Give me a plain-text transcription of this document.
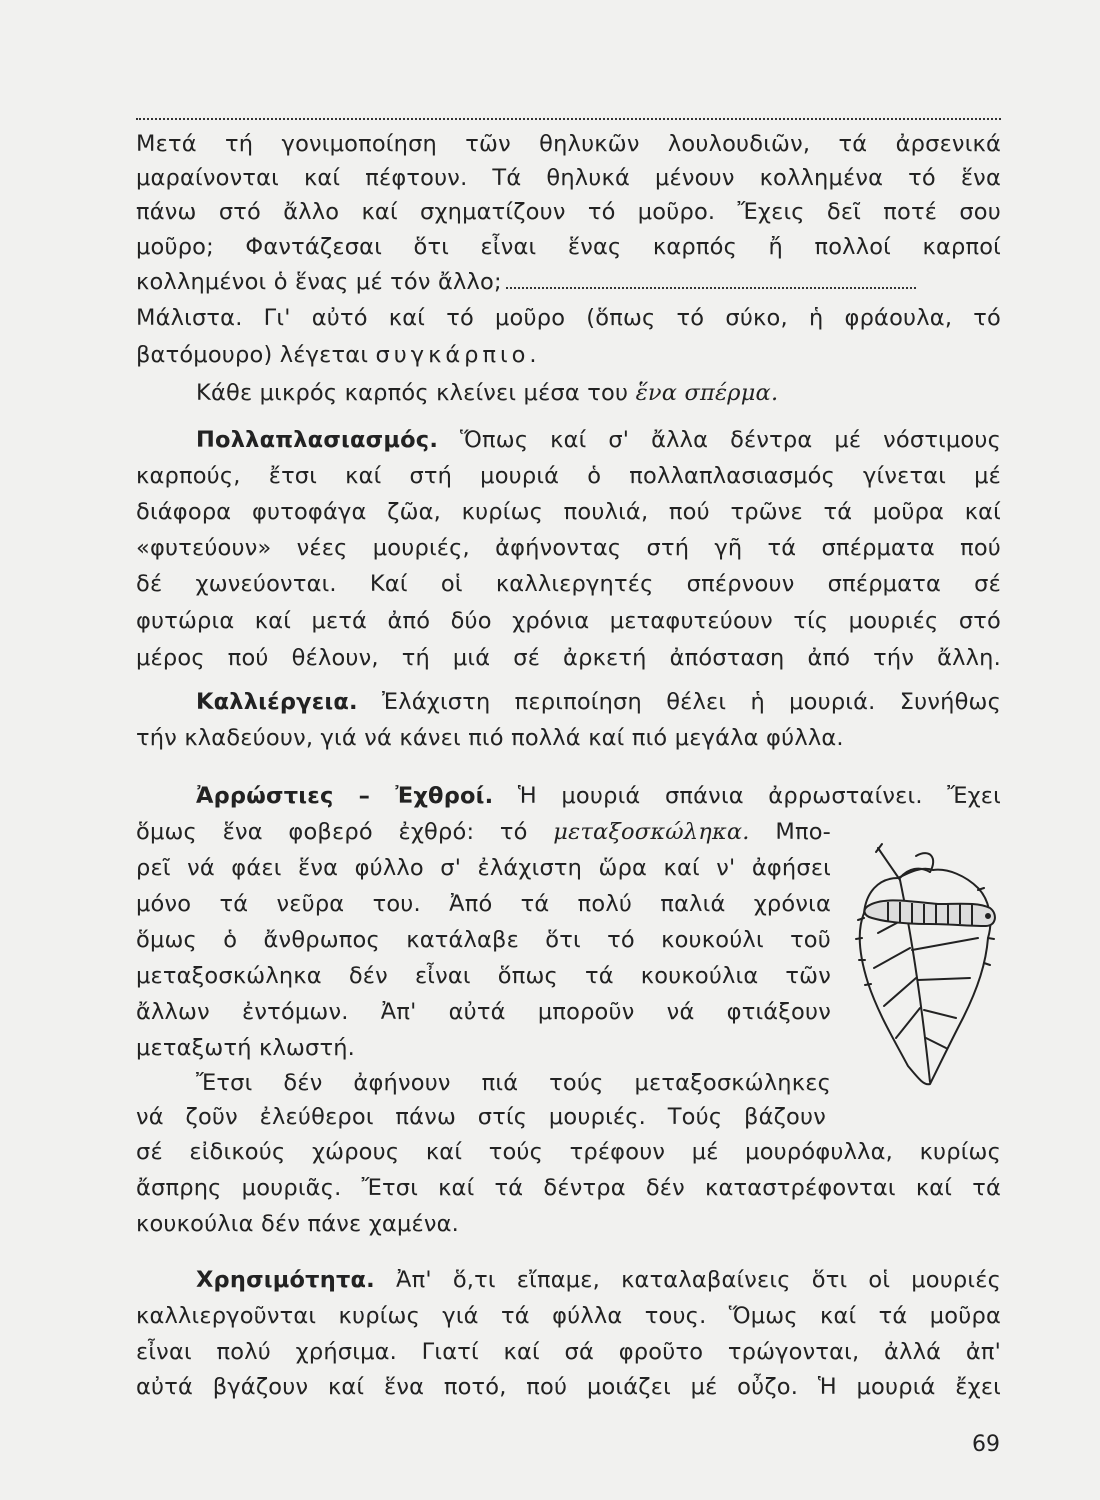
Μετά τή γονιμοποίηση τῶν θηλυκῶν λουλουδιῶν, τά ἀρσενικά
μαραίνονται καί πέφτουν. Τά θηλυκά μένουν κολλημένα τό ἕνα
πάνω στό ἄλλο καί σχηματίζουν τό μοῦρο. Ἔχεις δεῖ ποτέ σου
μοῦρο; Φαντάζεσαι ὅτι εἶναι ἕνας καρπός ἤ πολλοί καρποί
κολλημένοι ὁ ἕνας μέ τόν ἄλλο;
Μάλιστα. Γι' αὐτό καί τό μοῦρο (ὅπως τό σύκο, ἡ φράουλα, τό
βατόμουρο) λέγεται συγκάρπιο.
Κάθε μικρός καρπός κλείνει μέσα του ἕνα σπέρμα.
Πολλαπλασιασμός. Ὅπως καί σ' ἄλλα δέντρα μέ νόστιμους
καρπούς, ἔτσι καί στή μουριά ὁ πολλαπλασιασμός γίνεται μέ
διάφορα φυτοφάγα ζῶα, κυρίως πουλιά, πού τρῶνε τά μοῦρα καί
«φυτεύουν» νέες μουριές, ἀφήνοντας στή γῆ τά σπέρματα πού
δέ χωνεύονται. Καί οἱ καλλιεργητές σπέρνουν σπέρματα σέ
φυτώρια καί μετά ἀπό δύο χρόνια μεταφυτεύουν τίς μουριές στό
μέρος πού θέλουν, τή μιά σέ ἀρκετή ἀπόσταση ἀπό τήν ἄλλη.
Καλλιέργεια. Ἐλάχιστη περιποίηση θέλει ἡ μουριά. Συνήθως
τήν κλαδεύουν, γιά νά κάνει πιό πολλά καί πιό μεγάλα φύλλα.
Ἀρρώστιες – Ἐχθροί. Ἡ μουριά σπάνια ἀρρωσταίνει. Ἔχει
ὅμως ἕνα φοβερό ἐχθρό: τό μεταξοσκώληκα. Μπο-
ρεῖ νά φάει ἕνα φύλλο σ' ἐλάχιστη ὥρα καί ν' ἀφήσει
μόνο τά νεῦρα του. Ἀπό τά πολύ παλιά χρόνια
ὅμως ὁ ἄνθρωπος κατάλαβε ὅτι τό κουκούλι τοῦ
μεταξοσκώληκα δέν εἶναι ὅπως τά κουκούλια τῶν
ἄλλων ἐντόμων. Ἀπ' αὐτά μποροῦν νά φτιάξουν
μεταξωτή κλωστή.
Ἔτσι δέν ἀφήνουν πιά τούς μεταξοσκώληκες
νά ζοῦν ἐλεύθεροι πάνω στίς μουριές. Τούς βάζουν
σέ εἰδικούς χώρους καί τούς τρέφουν μέ μουρόφυλλα, κυρίως
ἄσπρης μουριᾶς. Ἔτσι καί τά δέντρα δέν καταστρέφονται καί τά
κουκούλια δέν πάνε χαμένα.
Χρησιμότητα. Ἀπ' ὅ,τι εἴπαμε, καταλαβαίνεις ὅτι οἱ μουριές
καλλιεργοῦνται κυρίως γιά τά φύλλα τους. Ὅμως καί τά μοῦρα
εἶναι πολύ χρήσιμα. Γιατί καί σά φροῦτο τρώγονται, ἀλλά ἀπ'
αὐτά βγάζουν καί ἕνα ποτό, πού μοιάζει μέ οὖζο. Ἡ μουριά ἔχει
69
